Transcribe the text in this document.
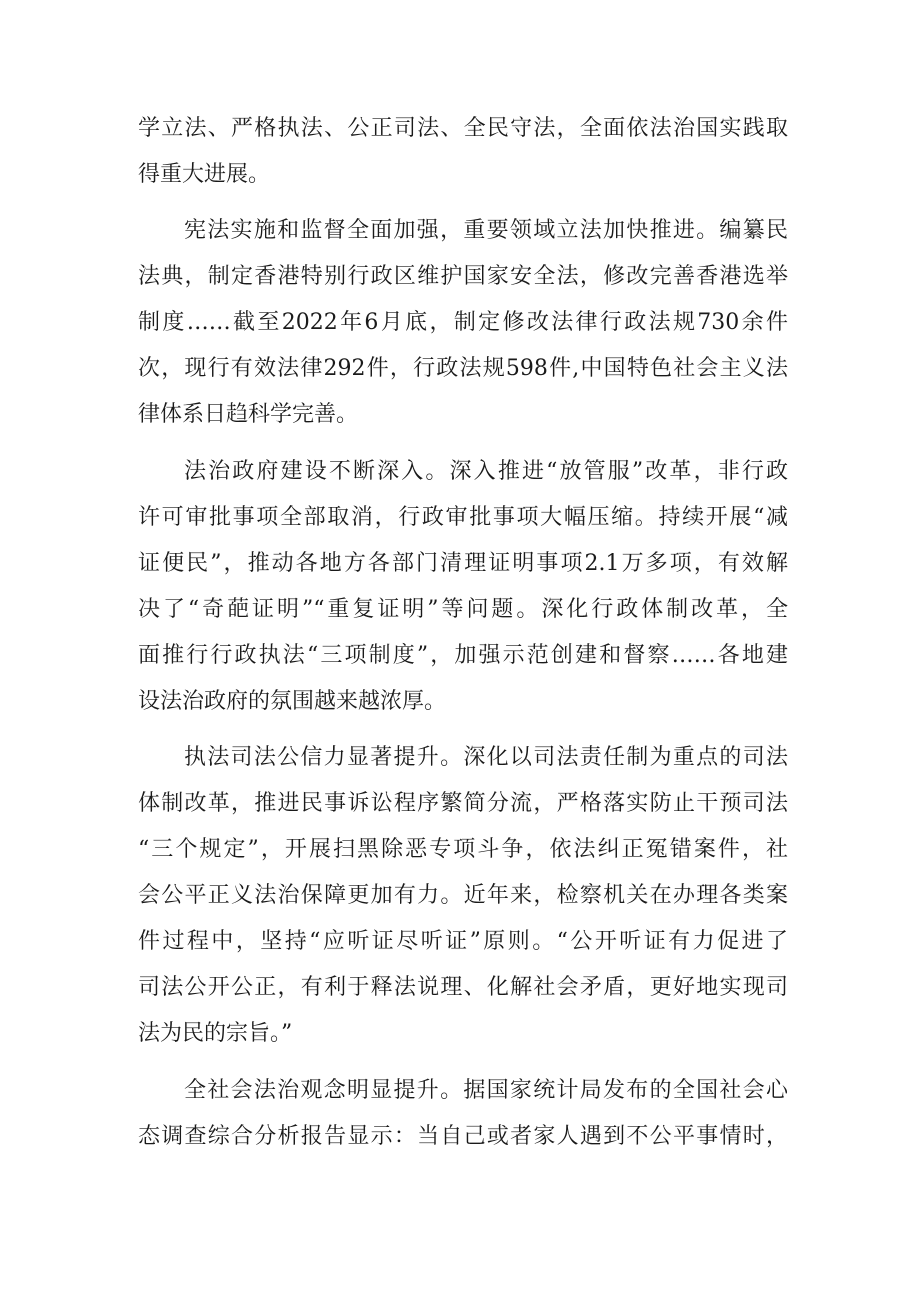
学立法、严格执法、公正司法、全民守法，全面依法治国实践取
得重大进展。
宪法实施和监督全面加强，重要领域立法加快推进。编纂民
法典，制定香港特别行政区维护国家安全法，修改完善香港选举
制度……截至2022年6月底，制定修改法律行政法规730余件
次，现行有效法律292件，行政法规598件,中国特色社会主义法
律体系日趋科学完善。
法治政府建设不断深入。深入推进“放管服”改革，非行政
许可审批事项全部取消，行政审批事项大幅压缩。持续开展“减
证便民”，推动各地方各部门清理证明事项2.1万多项，有效解
决了“奇葩证明”“重复证明”等问题。深化行政体制改革，全
面推行行政执法“三项制度”，加强示范创建和督察……各地建
设法治政府的氛围越来越浓厚。
执法司法公信力显著提升。深化以司法责任制为重点的司法
体制改革，推进民事诉讼程序繁简分流，严格落实防止干预司法
“三个规定”，开展扫黑除恶专项斗争，依法纠正冤错案件，社
会公平正义法治保障更加有力。近年来，检察机关在办理各类案
件过程中，坚持“应听证尽听证”原则。“公开听证有力促进了
司法公开公正，有利于释法说理、化解社会矛盾，更好地实现司
法为民的宗旨。”
全社会法治观念明显提升。据国家统计局发布的全国社会心
态调查综合分析报告显示：当自己或者家人遇到不公平事情时，
